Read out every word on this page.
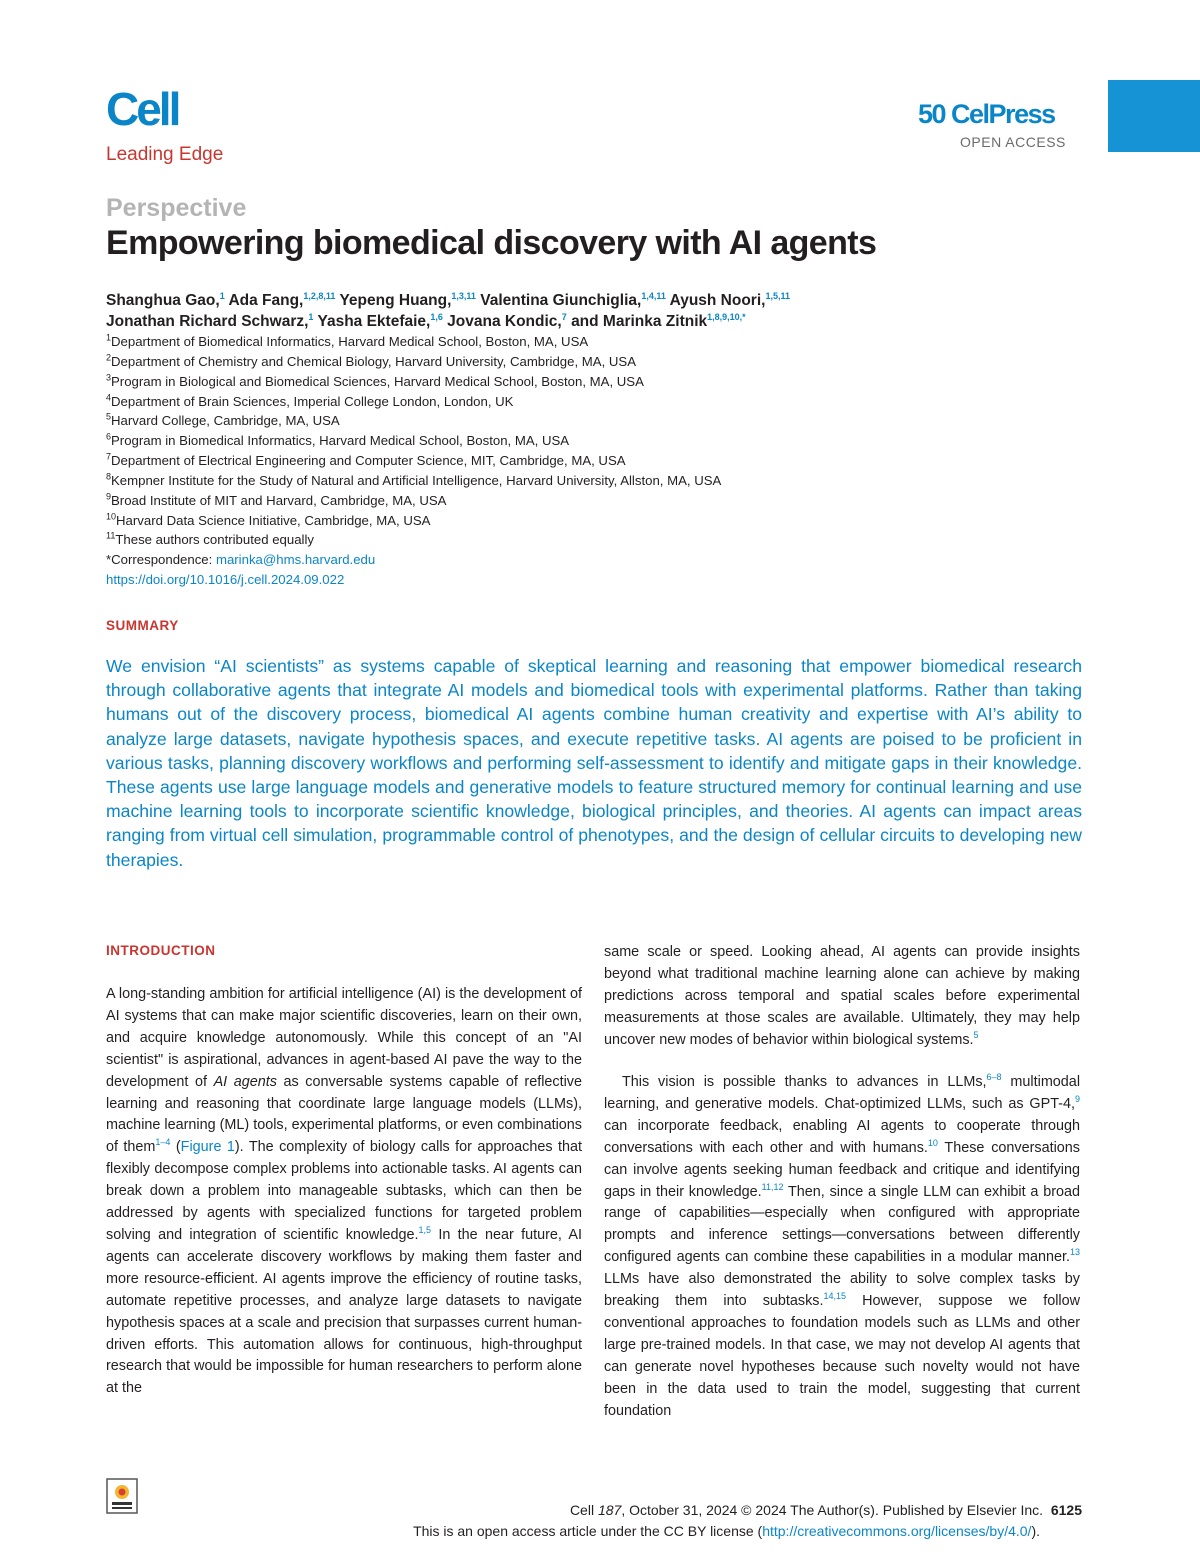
Cell
Leading Edge
50 CelPress
OPEN ACCESS
Perspective
Empowering biomedical discovery with AI agents
Shanghua Gao,$^1$ Ada Fang,$^{1,2,8,11}$ Yepeng Huang,$^{1,3,11}$ Valentina Giunchiglia,$^{1,4,11}$ Ayush Noori,$^{1,5,11}$
Jonathan Richard Schwarz,$^1$ Yasha Ektefaie,$^{1,6}$ Jovana Kondic,$^7$ and Marinka Zitnik$^{1,8,9,10,*}$
$^1$Department of Biomedical Informatics, Harvard Medical School, Boston, MA, USA
$^2$Department of Chemistry and Chemical Biology, Harvard University, Cambridge, MA, USA
$^3$Program in Biological and Biomedical Sciences, Harvard Medical School, Boston, MA, USA
$^4$Department of Brain Sciences, Imperial College London, London, UK
$^5$Harvard College, Cambridge, MA, USA
$^6$Program in Biomedical Informatics, Harvard Medical School, Boston, MA, USA
$^7$Department of Electrical Engineering and Computer Science, MIT, Cambridge, MA, USA
$^8$Kempner Institute for the Study of Natural and Artificial Intelligence, Harvard University, Allston, MA, USA
$^9$Broad Institute of MIT and Harvard, Cambridge, MA, USA
$^{10}$Harvard Data Science Initiative, Cambridge, MA, USA
$^{11}$These authors contributed equally
*Correspondence: marinka@hms.harvard.edu
https://doi.org/10.1016/j.cell.2024.09.022
SUMMARY

We envision “AI scientists” as systems capable of skeptical learning and reasoning that empower biomedical research through collaborative agents that integrate AI models and biomedical tools with experimental platforms. Rather than taking humans out of the discovery process, biomedical AI agents combine human creativity and expertise with AI’s ability to analyze large datasets, navigate hypothesis spaces, and execute repetitive tasks. AI agents are poised to be proficient in various tasks, planning discovery workflows and performing self-assessment to identify and mitigate gaps in their knowledge. These agents use large language models and generative models to feature structured memory for continual learning and use machine learning tools to incorporate scientific knowledge, biological principles, and theories. AI agents can impact areas ranging from virtual cell simulation, programmable control of phenotypes, and the design of cellular circuits to developing new therapies.

INTRODUCTION

A long-standing ambition for artificial intelligence (AI) is the development of AI systems that can make major scientific discoveries, learn on their own, and acquire knowledge autonomously. While this concept of an "AI scientist" is aspirational, advances in agent-based AI pave the way to the development of AI agents as conversable systems capable of reflective learning and reasoning that coordinate large language models (LLMs), machine learning (ML) tools, experimental platforms, or even combinations of them$^{1-4}$ (Figure 1). The complexity of biology calls for approaches that flexibly decompose complex problems into actionable tasks. AI agents can break down a problem into manageable subtasks, which can then be addressed by agents with specialized functions for targeted problem solving and integration of scientific knowledge.$^{1,5}$ In the near future, AI agents can accelerate discovery workflows by making them faster and more resource-efficient. AI agents improve the efficiency of routine tasks, automate repetitive processes, and analyze large datasets to navigate hypothesis spaces at a scale and precision that surpasses current human-driven efforts. This automation allows for continuous, high-throughput research that would be impossible for human researchers to perform alone at the

same scale or speed. Looking ahead, AI agents can provide insights beyond what traditional machine learning alone can achieve by making predictions across temporal and spatial scales before experimental measurements at those scales are available. Ultimately, they may help uncover new modes of behavior within biological systems.$^5$

This vision is possible thanks to advances in LLMs,$^{6-8}$ multimodal learning, and generative models. Chat-optimized LLMs, such as GPT-4,$^9$ can incorporate feedback, enabling AI agents to cooperate through conversations with each other and with humans.$^{10}$ These conversations can involve agents seeking human feedback and critique and identifying gaps in their knowledge.$^{11,12}$ Then, since a single LLM can exhibit a broad range of capabilities—especially when configured with appropriate prompts and inference settings—conversations between differently configured agents can combine these capabilities in a modular manner.$^{13}$ LLMs have also demonstrated the ability to solve complex tasks by breaking them into subtasks.$^{14,15}$ However, suppose we follow conventional approaches to foundation models such as LLMs and other large pre-trained models. In that case, we may not develop AI agents that can generate novel hypotheses because such novelty would not have been in the data used to train the model, suggesting that current foundation

Cell 187, October 31, 2024 © 2024 The Author(s). Published by Elsevier Inc. 6125
This is an open access article under the CC BY license (http://creativecommons.org/licenses/by/4.0/).
